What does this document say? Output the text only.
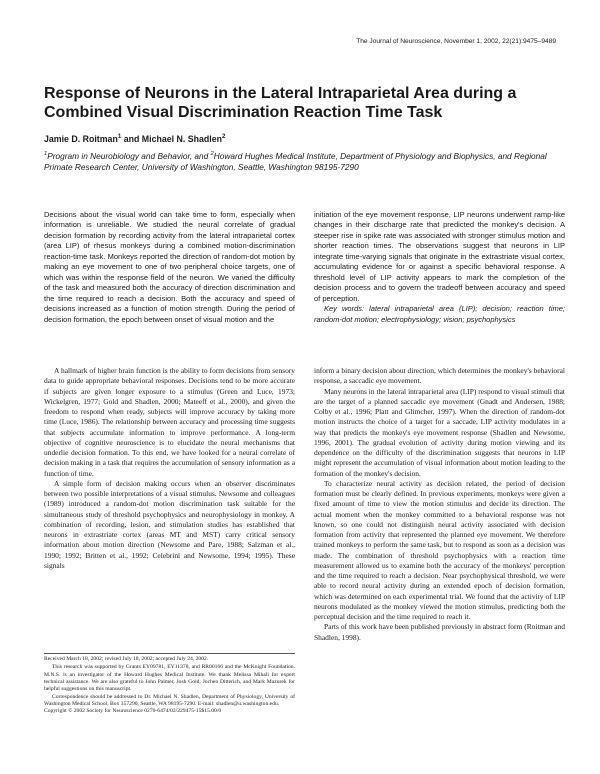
The Journal of Neuroscience, November 1, 2002, 22(21):9475–9489
Response of Neurons in the Lateral Intraparietal Area during a Combined Visual Discrimination Reaction Time Task
Jamie D. Roitman$^1$ and Michael N. Shadlen$^2$
$^1$Program in Neurobiology and Behavior, and $^2$Howard Hughes Medical Institute, Department of Physiology and Biophysics, and Regional Primate Research Center, University of Washington, Seattle, Washington 98195-7290
Decisions about the visual world can take time to form, especially when information is unreliable. We studied the neural correlate of gradual decision formation by recording activity from the lateral intraparietal cortex (area LIP) of rhesus monkeys during a combined motion-discrimination reaction-time task. Monkeys reported the direction of random-dot motion by making an eye movement to one of two peripheral choice targets, one of which was within the response field of the neuron. We varied the difficulty of the task and measured both the accuracy of direction discrimination and the time required to reach a decision. Both the accuracy and speed of decisions increased as a function of motion strength. During the period of decision formation, the epoch between onset of visual motion and the
initiation of the eye movement response, LIP neurons underwent ramp-like changes in their discharge rate that predicted the monkey's decision. A steeper rise in spike rate was associated with stronger stimulus motion and shorter reaction times. The observations suggest that neurons in LIP integrate time-varying signals that originate in the extrastriate visual cortex, accumulating evidence for or against a specific behavioral response. A threshold level of LIP activity appears to mark the completion of the decision process and to govern the tradeoff between accuracy and speed of perception.
Key words: lateral intraparietal area (LIP); decision; reaction time; random-dot motion; electrophysiology; vision; psychophysics

A hallmark of higher brain function is the ability to form decisions from sensory data to guide appropriate behavioral responses. Decisions tend to be more accurate if subjects are given longer exposure to a stimulus (Green and Luce, 1973; Wickelgren, 1977; Gold and Shadlen, 2000; Mateeff et al., 2000), and given the freedom to respond when ready, subjects will improve accuracy by taking more time (Luce, 1986). The relationship between accuracy and processing time suggests that subjects accumulate information to improve performance. A long-term objective of cognitive neuroscience is to elucidate the neural mechanisms that underlie decision formation. To this end, we have looked for a neural correlate of decision making in a task that requires the accumulation of sensory information as a function of time.

A simple form of decision making occurs when an observer discriminates between two possible interpretations of a visual stimulus. Newsome and colleagues (1989) introduced a random-dot motion discrimination task suitable for the simultaneous study of threshold psychophysics and neurophysiology in monkey. A combination of recording, lesion, and stimulation studies has established that neurons in extrastriate cortex (areas MT and MST) carry critical sensory information about motion direction (Newsome and Pare, 1988; Salzman et al., 1990; 1992; Britten et al., 1992; Celebrini and Newsome, 1994; 1995). These signals

inform a binary decision about direction, which determines the monkey's behavioral response, a saccadic eye movement.

Many neurons in the lateral intraparietal area (LIP) respond to visual stimuli that are the target of a planned saccadic eye movement (Gnadt and Andersen, 1988; Colby et al., 1996; Platt and Glimcher, 1997). When the direction of random-dot motion instructs the choice of a target for a saccade, LIP activity modulates in a way that predicts the monkey's eye movement response (Shadlen and Newsome, 1996, 2001). The gradual evolution of activity during motion viewing and its dependence on the difficulty of the discrimination suggests that neurons in LIP might represent the accumulation of visual information about motion leading to the formation of the monkey's decision.

To characterize neural activity as decision related, the period of decision formation must be clearly defined. In previous experiments, monkeys were given a fixed amount of time to view the motion stimulus and decide its direction. The actual moment when the monkey committed to a behavioral response was not known, so one could not distinguish neural activity associated with decision formation from activity that represented the planned eye movement. We therefore trained monkeys to perform the same task, but to respond as soon as a decision was made. The combination of threshold psychophysics with a reaction time measurement allowed us to examine both the accuracy of the monkeys' perception and the time required to reach a decision. Near psychophysical threshold, we were able to record neural activity during an extended epoch of decision formation, which was determined on each experimental trial. We found that the activity of LIP neurons modulated as the monkey viewed the motion stimulus, predicting both the perceptual decision and the time required to reach it.

Parts of this work have been published previously in abstract form (Roitman and Shadlen, 1998).

Received March 18, 2002; revised July 18, 2002; accepted July 24, 2002.

This research was supported by Grants EY09781, EY11378, and RR00166 and the McKnight Foundation. M.N.S. is an investigator of the Howard Hughes Medical Institute. We thank Melissa Mihali for expert technical assistance. We are also grateful to John Palmer, Josh Gold, Jochen Ditterich, and Mark Mazurek for helpful suggestions on this manuscript.

Correspondence should be addressed to Dr. Michael N. Shadlen, Department of Physiology, University of Washington Medical School, Box 357290, Seattle, WA 98195-7290. E-mail: shadlen@u.washington.edu.

Copyright © 2002 Society for Neuroscience 0270-6474/02/229475-15$15.00/0
